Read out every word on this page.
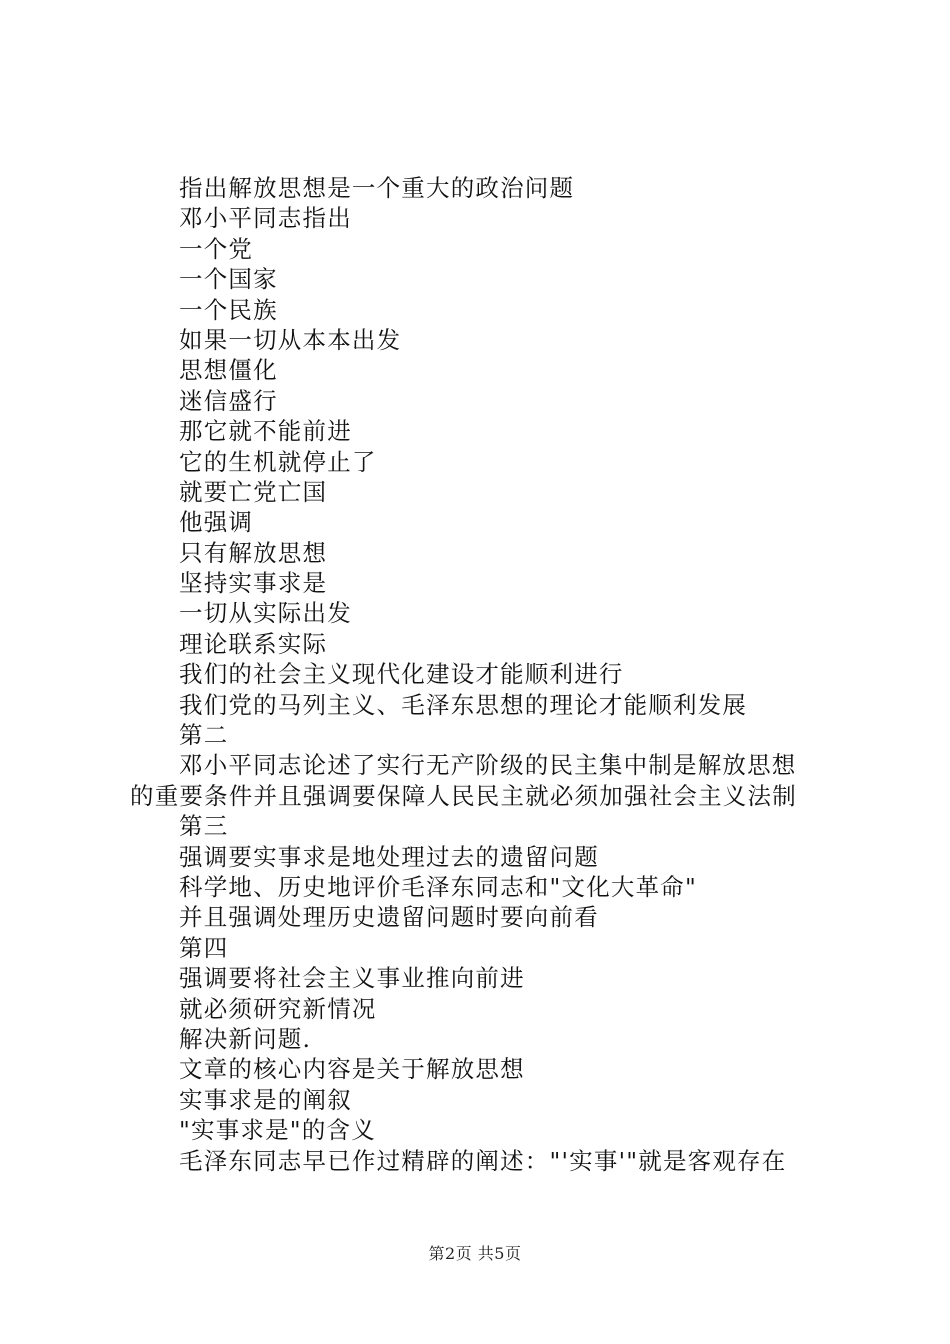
指出解放思想是一个重大的政治问题
邓小平同志指出
一个党
一个国家
一个民族
如果一切从本本出发
思想僵化
迷信盛行
那它就不能前进
它的生机就停止了
就要亡党亡国
他强调
只有解放思想
坚持实事求是
一切从实际出发
理论联系实际
我们的社会主义现代化建设才能顺利进行
我们党的马列主义、毛泽东思想的理论才能顺利发展
第二
邓小平同志论述了实行无产阶级的民主集中制是解放思想
的重要条件并且强调要保障人民民主就必须加强社会主义法制
第三
强调要实事求是地处理过去的遗留问题
科学地、历史地评价毛泽东同志和"文化大革命"
并且强调处理历史遗留问题时要向前看
第四
强调要将社会主义事业推向前进
就必须研究新情况
解决新问题.
文章的核心内容是关于解放思想
实事求是的阐叙
"实事求是"的含义
毛泽东同志早已作过精辟的阐述："'实事'"就是客观存在
第2页 共5页
